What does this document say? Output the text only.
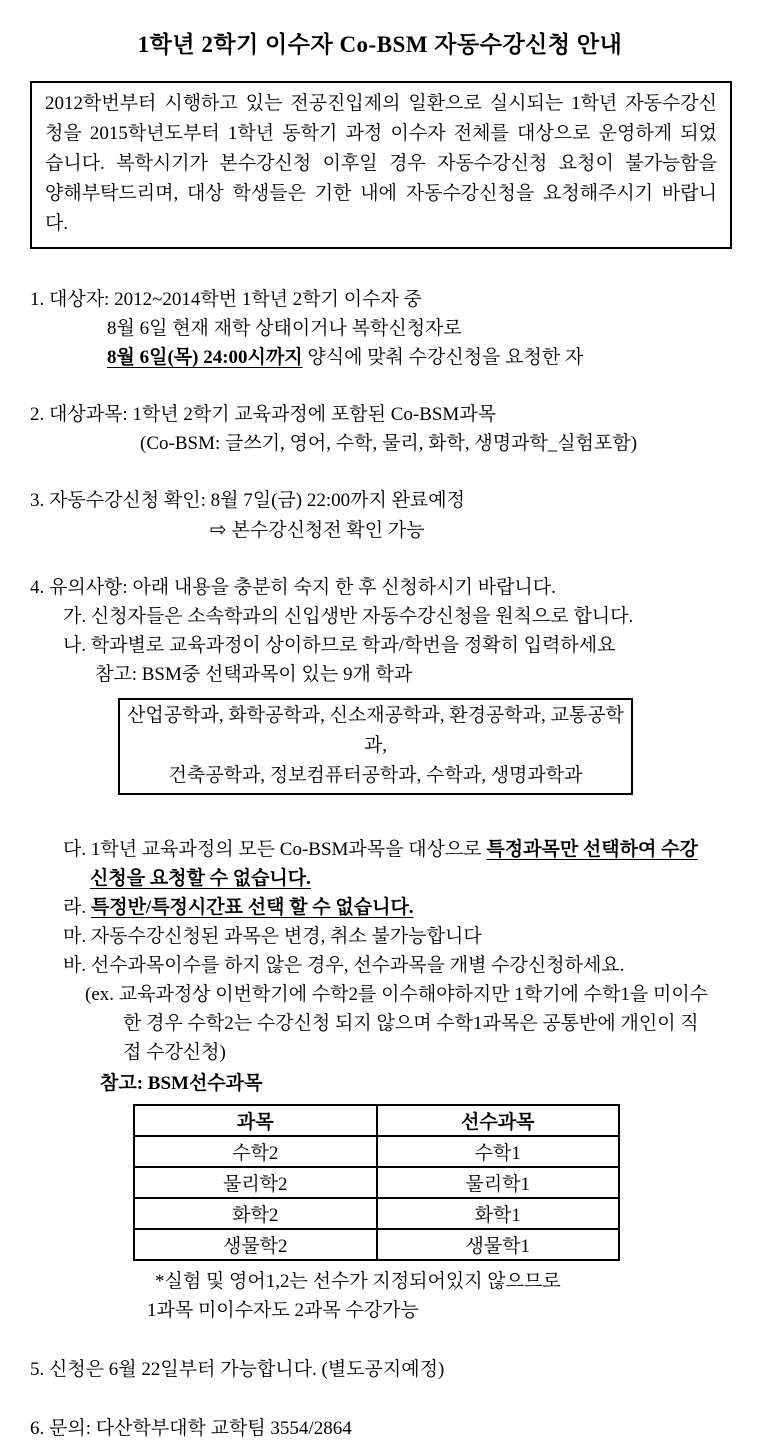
1학년 2학기 이수자 Co-BSM 자동수강신청 안내
2012학번부터 시행하고 있는 전공진입제의 일환으로 실시되는 1학년 자동수강신청을 2015학년도부터 1학년 동학기 과정 이수자 전체를 대상으로 운영하게 되었습니다. 복학시기가 본수강신청 이후일 경우 자동수강신청 요청이 불가능함을 양해부탁드리며, 대상 학생들은 기한 내에 자동수강신청을 요청해주시기 바랍니다.
1. 대상자: 2012~2014학번 1학년 2학기 이수자 중
8월 6일 현재 재학 상태이거나 복학신청자로
8월 6일(목) 24:00시까지 양식에 맞춰 수강신청을 요청한 자
2. 대상과목: 1학년 2학기 교육과정에 포함된 Co-BSM과목
(Co-BSM: 글쓰기, 영어, 수학, 물리, 화학, 생명과학_실험포함)
3. 자동수강신청 확인: 8월 7일(금) 22:00까지 완료예정
⇨ 본수강신청전 확인 가능
4. 유의사항: 아래 내용을 충분히 숙지 한 후 신청하시기 바랍니다.
가. 신청자들은 소속학과의 신입생반 자동수강신청을 원칙으로 합니다.
나. 학과별로 교육과정이 상이하므로 학과/학번을 정확히 입력하세요
참고: BSM중 선택과목이 있는 9개 학과
산업공학과, 화학공학과, 신소재공학과, 환경공학과, 교통공학과,
건축공학과, 정보컴퓨터공학과, 수학과, 생명과학과
다. 1학년 교육과정의 모든 Co-BSM과목을 대상으로 특정과목만 선택하여 수강
신청을 요청할 수 없습니다.
라. 특정반/특정시간표 선택 할 수 없습니다.
마. 자동수강신청된 과목은 변경, 취소 불가능합니다
바. 선수과목이수를 하지 않은 경우, 선수과목을 개별 수강신청하세요.
(ex. 교육과정상 이번학기에 수학2를 이수해야하지만 1학기에 수학1을 미이수
한 경우 수학2는 수강신청 되지 않으며 수학1과목은 공통반에 개인이 직
접 수강신청)
참고: BSM선수과목
과목	선수과목
수학2	수학1
물리학2	물리학1
화학2	화학1
생물학2	생물학1
*실험 및 영어1,2는 선수가 지정되어있지 않으므로
1과목 미이수자도 2과목 수강가능
5. 신청은 6월 22일부터 가능합니다. (별도공지예정)
6. 문의: 다산학부대학 교학팀 3554/2864
